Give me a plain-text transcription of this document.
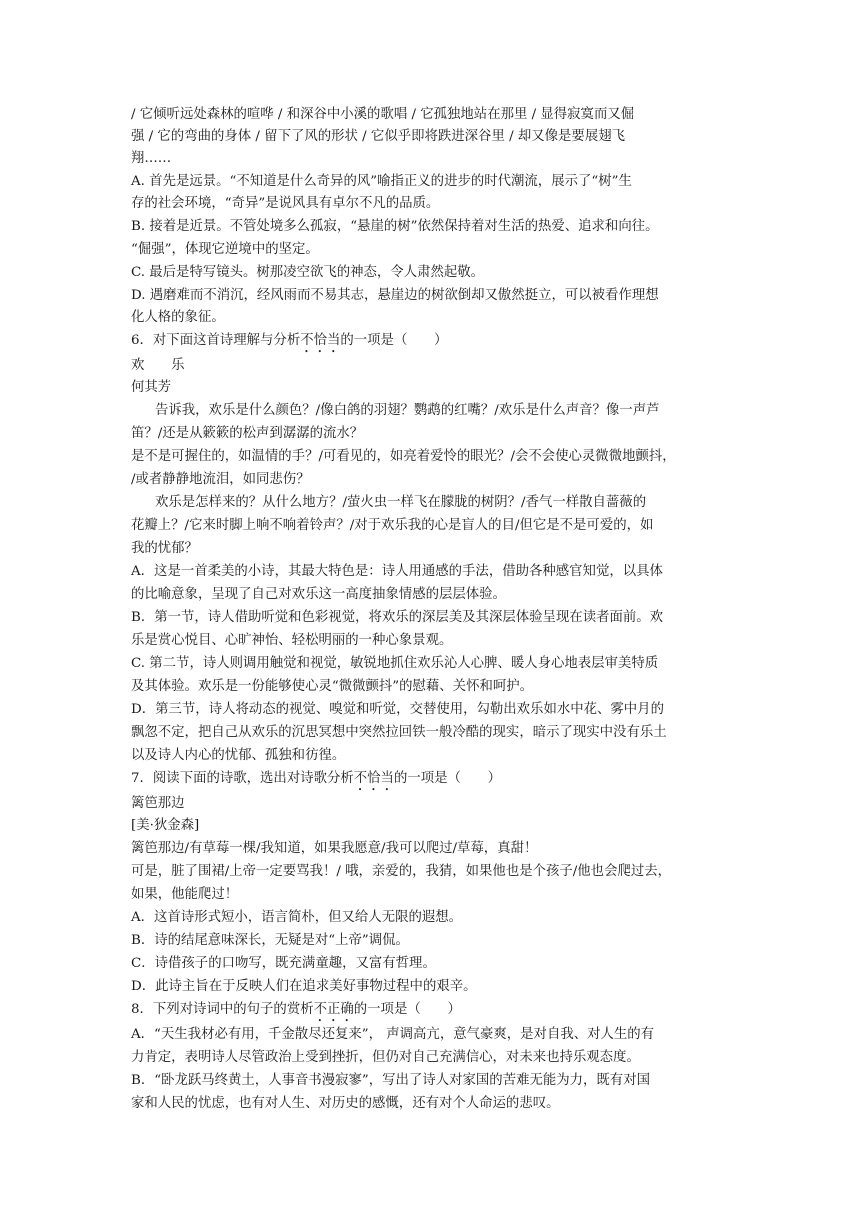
/ 它倾听远处森林的喧哗 / 和深谷中小溪的歌唱 / 它孤独地站在那里 / 显得寂寞而又倔
强 / 它的弯曲的身体 / 留下了风的形状 / 它似乎即将跌进深谷里 / 却又像是要展翅飞
翔……
A. 首先是远景。“不知道是什么奇异的风”喻指正义的进步的时代潮流，展示了“树”生
存的社会环境，“奇异”是说风具有卓尔不凡的品质。
B. 接着是近景。不管处境多么孤寂，“悬崖的树”依然保持着对生活的热爱、追求和向往。
“倔强”，体现它逆境中的坚定。
C. 最后是特写镜头。树那凌空欲飞的神态，令人肃然起敬。
D. 遇磨难而不消沉，经风雨而不易其志，悬崖边的树欲倒却又傲然挺立，可以被看作理想
化人格的象征。
6．对下面这首诗理解与分析不恰当的一项是（　　）
欢　　乐
何其芳
告诉我，欢乐是什么颜色？/像白鸽的羽翅？鹦鹉的红嘴？/欢乐是什么声音？像一声芦
笛？/还是从簌簌的松声到潺潺的流水？
是不是可握住的，如温情的手？/可看见的，如亮着爱怜的眼光？/会不会使心灵微微地颤抖，
/或者静静地流泪，如同悲伤？
欢乐是怎样来的？从什么地方？/萤火虫一样飞在朦胧的树阴？/香气一样散自蔷薇的
花瓣上？/它来时脚上响不响着铃声？/对于欢乐我的心是盲人的目/但它是不是可爱的，如
我的忧郁？
A．这是一首柔美的小诗，其最大特色是：诗人用通感的手法，借助各种感官知觉，以具体
的比喻意象，呈现了自己对欢乐这一高度抽象情感的层层体验。
B．第一节，诗人借助听觉和色彩视觉，将欢乐的深层美及其深层体验呈现在读者面前。欢
乐是赏心悦目、心旷神怡、轻松明丽的一种心象景观。
C. 第二节，诗人则调用触觉和视觉，敏锐地抓住欢乐沁人心脾、暖人身心地表层审美特质
及其体验。欢乐是一份能够使心灵“微微颤抖”的慰藉、关怀和呵护。
D．第三节，诗人将动态的视觉、嗅觉和听觉，交替使用，勾勒出欢乐如水中花、雾中月的
飘忽不定，把自己从欢乐的沉思冥想中突然拉回铁一般冷酷的现实，暗示了现实中没有乐土
以及诗人内心的忧郁、孤独和彷徨。
7．阅读下面的诗歌，选出对诗歌分析不恰当的一项是（　　）
篱笆那边
[美·狄金森]
篱笆那边/有草莓一棵/我知道，如果我愿意/我可以爬过/草莓，真甜！
可是，脏了围裙/上帝一定要骂我！/ 哦，亲爱的，我猜，如果他也是个孩子/他也会爬过去，
如果，他能爬过！
A．这首诗形式短小，语言简朴，但又给人无限的遐想。
B．诗的结尾意味深长，无疑是对“上帝”调侃。
C．诗借孩子的口吻写，既充满童趣，又富有哲理。
D．此诗主旨在于反映人们在追求美好事物过程中的艰辛。
8．下列对诗词中的句子的赏析不正确的一项是（　　）
A．“天生我材必有用，千金散尽还复来”， 声调高亢，意气豪爽，是对自我、对人生的有
力肯定，表明诗人尽管政治上受到挫折，但仍对自己充满信心，对未来也持乐观态度。
B．“卧龙跃马终黄土，人事音书漫寂寥”，写出了诗人对家国的苦难无能为力，既有对国
家和人民的忧虑，也有对人生、对历史的感慨，还有对个人命运的悲叹。
